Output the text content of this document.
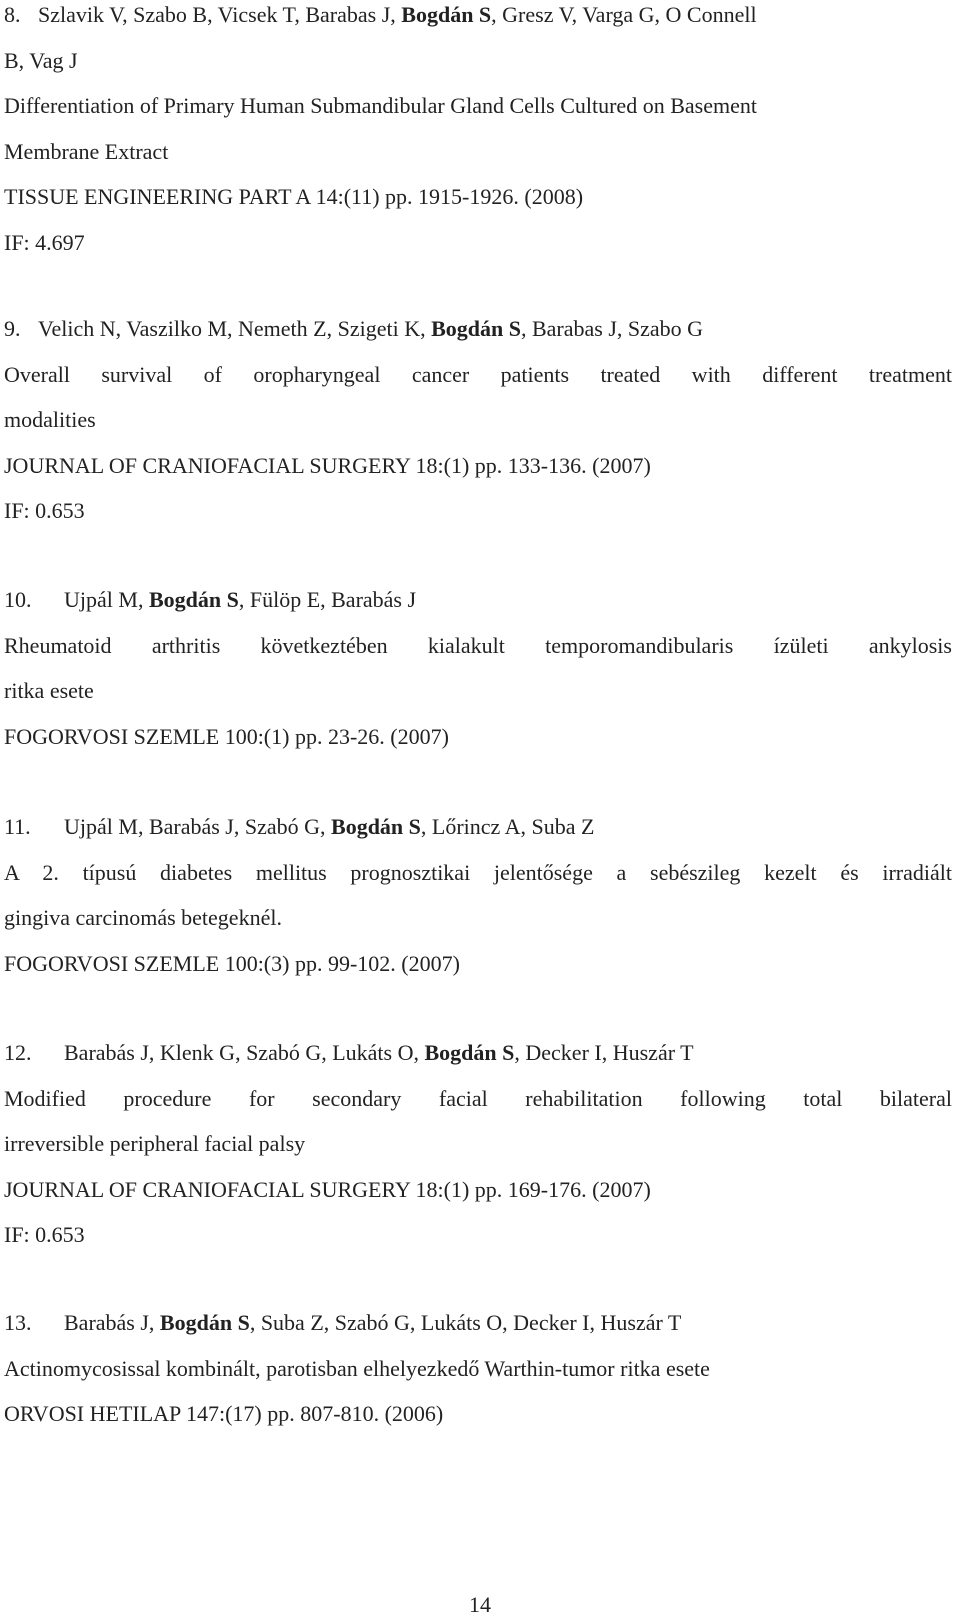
8. Szlavik V, Szabo B, Vicsek T, Barabas J, Bogdán S, Gresz V, Varga G, O Connell
B, Vag J
Differentiation of Primary Human Submandibular Gland Cells Cultured on Basement
Membrane Extract
TISSUE ENGINEERING PART A 14:(11) pp. 1915-1926. (2008)
IF: 4.697
9. Velich N, Vaszilko M, Nemeth Z, Szigeti K, Bogdán S, Barabas J, Szabo G
Overall survival of oropharyngeal cancer patients treated with different treatment
modalities
JOURNAL OF CRANIOFACIAL SURGERY 18:(1) pp. 133-136. (2007)
IF: 0.653
10. Ujpál M, Bogdán S, Fülöp E, Barabás J
Rheumatoid arthritis következtében kialakult temporomandibularis ízületi ankylosis
ritka esete
FOGORVOSI SZEMLE 100:(1) pp. 23-26. (2007)
11. Ujpál M, Barabás J, Szabó G, Bogdán S, Lőrincz A, Suba Z
A 2. típusú diabetes mellitus prognosztikai jelentősége a sebészileg kezelt és irradiált
gingiva carcinomás betegeknél.
FOGORVOSI SZEMLE 100:(3) pp. 99-102. (2007)
12. Barabás J, Klenk G, Szabó G, Lukáts O, Bogdán S, Decker I, Huszár T
Modified procedure for secondary facial rehabilitation following total bilateral
irreversible peripheral facial palsy
JOURNAL OF CRANIOFACIAL SURGERY 18:(1) pp. 169-176. (2007)
IF: 0.653
13. Barabás J, Bogdán S, Suba Z, Szabó G, Lukáts O, Decker I, Huszár T
Actinomycosissal kombinált, parotisban elhelyezkedő Warthin-tumor ritka esete
ORVOSI HETILAP 147:(17) pp. 807-810. (2006)
14
